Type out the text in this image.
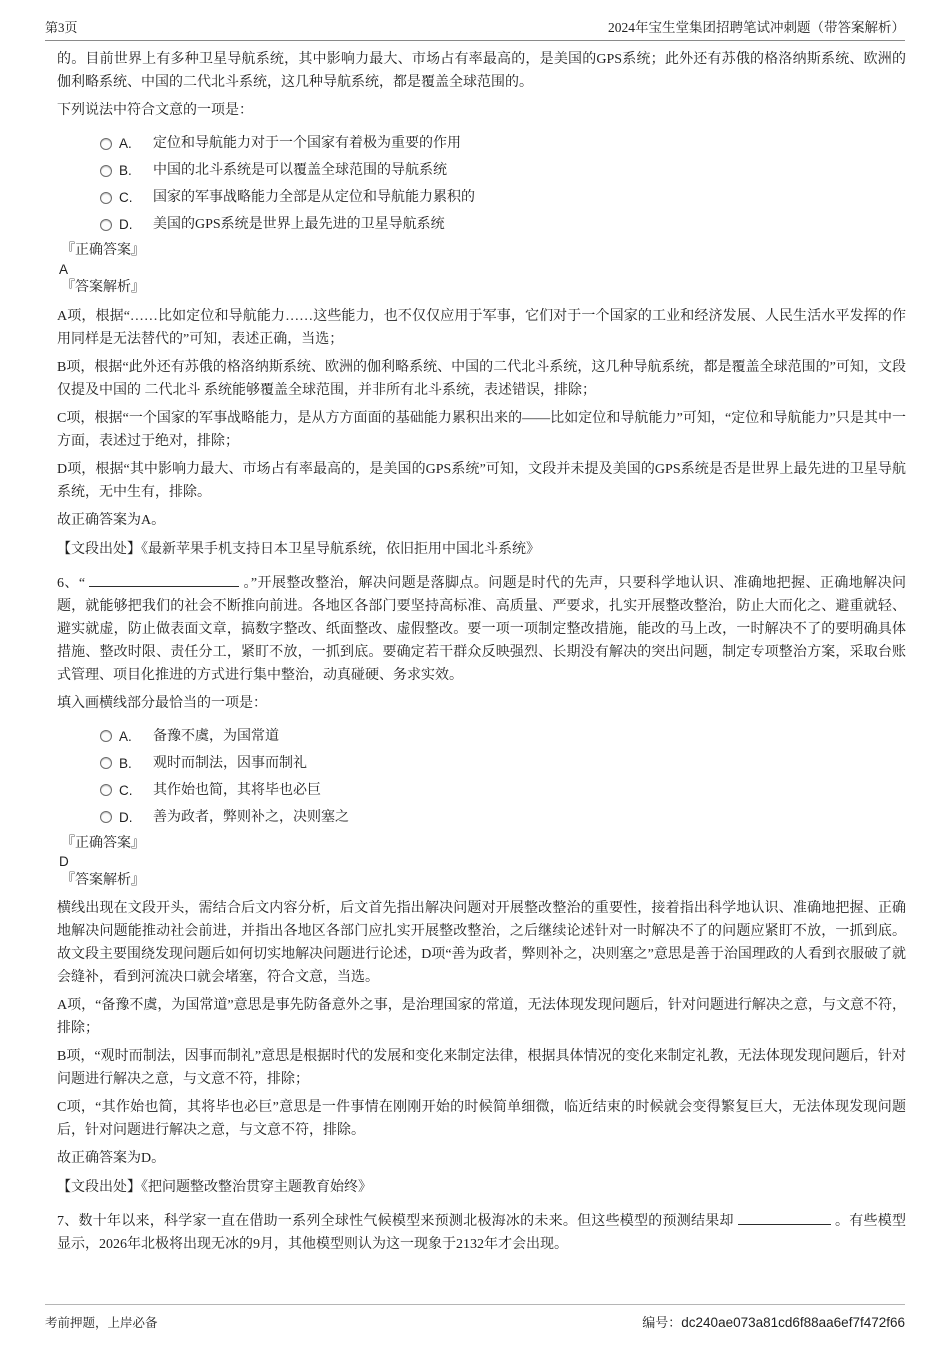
第3页	2024年宝生堂集团招聘笔试冲刺题（带答案解析）

的。目前世界上有多种卫星导航系统，其中影响力最大、市场占有率最高的，是美国的GPS系统；此外还有苏俄的格洛纳斯系统、欧洲的伽利略系统、中国的二代北斗系统，这几种导航系统，都是覆盖全球范围的。

下列说法中符合文意的一项是：

A.	定位和导航能力对于一个国家有着极为重要的作用
B.	中国的北斗系统是可以覆盖全球范围的导航系统
C.	国家的军事战略能力全部是从定位和导航能力累积的
D.	美国的GPS系统是世界上最先进的卫星导航系统

『正确答案』

A

『答案解析』

A项，根据“……比如定位和导航能力……这些能力，也不仅仅应用于军事，它们对于一个国家的工业和经济发展、人民生活水平发挥的作用同样是无法替代的”可知，表述正确，当选；

B项，根据“此外还有苏俄的格洛纳斯系统、欧洲的伽利略系统、中国的二代北斗系统，这几种导航系统，都是覆盖全球范围的”可知，文段仅提及中国的 二代北斗 系统能够覆盖全球范围，并非所有北斗系统，表述错误，排除；

C项，根据“一个国家的军事战略能力，是从方方面面的基础能力累积出来的——比如定位和导航能力”可知，“定位和导航能力”只是其中一方面，表述过于绝对，排除；

D项，根据“其中影响力最大、市场占有率最高的，是美国的GPS系统”可知，文段并未提及美国的GPS系统是否是世界上最先进的卫星导航系统，无中生有，排除。

故正确答案为A。

【文段出处】《最新苹果手机支持日本卫星导航系统，依旧拒用中国北斗系统》

6、“	。”开展整改整治，解决问题是落脚点。问题是时代的先声，只要科学地认识、准确地把握、正确地解决问题，就能够把我们的社会不断推向前进。各地区各部门要坚持高标准、高质量、严要求，扎实开展整改整治，防止大而化之、避重就轻、避实就虚，防止做表面文章，搞数字整改、纸面整改、虚假整改。要一项一项制定整改措施，能改的马上改，一时解决不了的要明确具体措施、整改时限、责任分工，紧盯不放，一抓到底。要确定若干群众反映强烈、长期没有解决的突出问题，制定专项整治方案，采取台账式管理、项目化推进的方式进行集中整治，动真碰硬、务求实效。

填入画横线部分最恰当的一项是：

A.	备豫不虞，为国常道
B.	观时而制法，因事而制礼
C.	其作始也简，其将毕也必巨
D.	善为政者，弊则补之，决则塞之

『正确答案』

D

『答案解析』

横线出现在文段开头，需结合后文内容分析，后文首先指出解决问题对开展整改整治的重要性，接着指出科学地认识、准确地把握、正确地解决问题能推动社会前进，并指出各地区各部门应扎实开展整改整治，之后继续论述针对一时解决不了的问题应紧盯不放，一抓到底。故文段主要围绕发现问题后如何切实地解决问题进行论述，D项“善为政者，弊则补之，决则塞之”意思是善于治国理政的人看到衣服破了就会缝补，看到河流决口就会堵塞，符合文意，当选。

A项，“备豫不虞，为国常道”意思是事先防备意外之事，是治理国家的常道，无法体现发现问题后，针对问题进行解决之意，与文意不符，排除；

B项，“观时而制法，因事而制礼”意思是根据时代的发展和变化来制定法律，根据具体情况的变化来制定礼教，无法体现发现问题后，针对问题进行解决之意，与文意不符，排除；

C项，“其作始也简，其将毕也必巨”意思是一件事情在刚刚开始的时候简单细微，临近结束的时候就会变得繁复巨大，无法体现发现问题后，针对问题进行解决之意，与文意不符，排除。

故正确答案为D。

【文段出处】《把问题整改整治贯穿主题教育始终》

7、数十年以来，科学家一直在借助一系列全球性气候模型来预测北极海冰的未来。但这些模型的预测结果却	。有些模型显示，2026年北极将出现无冰的9月，其他模型则认为这一现象于2132年才会出现。

考前押题，上岸必备	编号：dc240ae073a81cd6f88aa6ef7f472f66
